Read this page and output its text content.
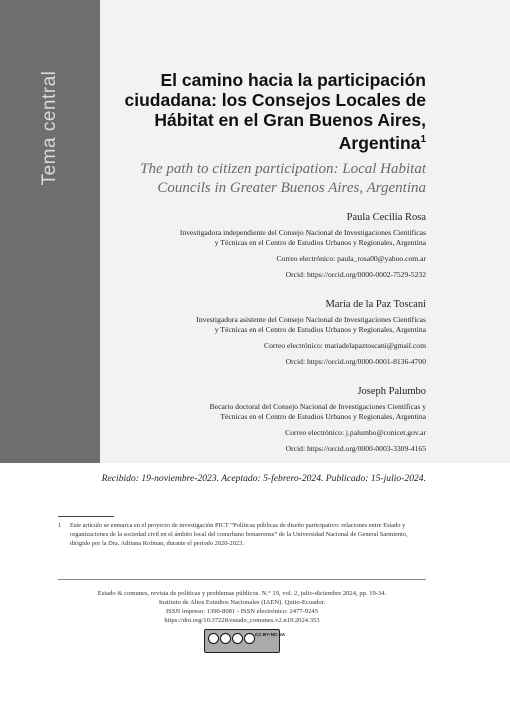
Tema central	El camino hacia la participación ciudadana: los Consejos Locales de Hábitat en el Gran Buenos Aires, Argentina$^1$
The path to citizen participation: Local Habitat Councils in Greater Buenos Aires, Argentina
Paula Cecilia Rosa
Investigadora independiente del Consejo Nacional de Investigaciones Científicas
y Técnicas en el Centro de Estudios Urbanos y Regionales, Argentina
Correo electrónico: paula_rosa00@yahoo.com.ar
Orcid: https://orcid.org/0000-0002-7529-5232
María de la Paz Toscani
Investigadora asistente del Consejo Nacional de Investigaciones Científicas
y Técnicas en el Centro de Estudios Urbanos y Regionales, Argentina
Correo electrónico: mariadelapaztoscani@gmail.com
Orcid: https://orcid.org/0000-0001-8136-4700
Joseph Palumbo
Becario doctoral del Consejo Nacional de Investigaciones Científicas y
Técnicas en el Centro de Estudios Urbanos y Regionales, Argentina
Correo electrónico: j.palumbo@conicet.gov.ar
Orcid: https://orcid.org/0000-0003-3309-4165
Recibido: 19-noviembre-2023. Aceptado: 5-febrero-2024. Publicado: 15-julio-2024.
1 Este artículo se enmarca en el proyecto de investigación PICT “Políticas públicas de diseño participativo: relaciones entre Estado y organizaciones de la sociedad civil en el ámbito local del conurbano bonaerense” de la Universidad Nacional de General Sarmiento, dirigido por la Dra. Adriana Rofman, durante el período 2020-2023.
Estado & comunes, revista de políticas y problemas públicos. N.° 19, vol. 2, julio-diciembre 2024, pp. 19-34.
Instituto de Altos Estudios Nacionales (IAEN). Quito-Ecuador.
ISSN impreso: 1390-8081 - ISSN electrónico: 2477-9245
https://doi.org/10.37228/estado_comunes.v2.n19.2024.353
CC BY-NC-SA
